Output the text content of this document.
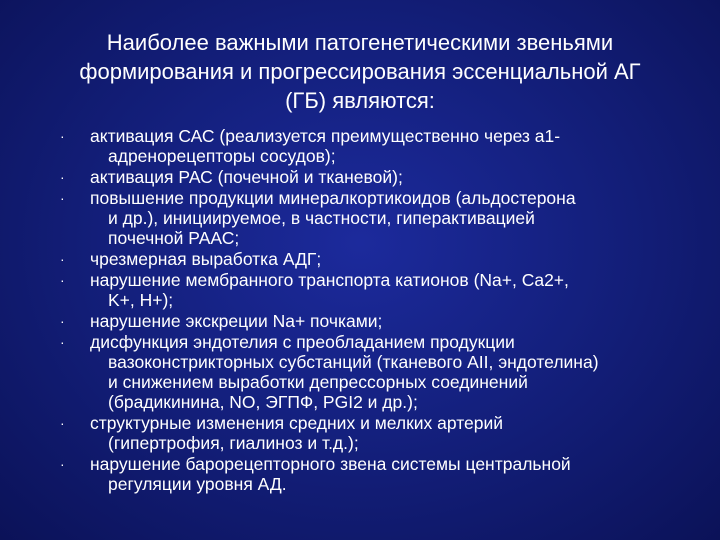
Наиболее важными патогенетическими звеньями
формирования и прогрессирования эссенциальной АГ
(ГБ) являются:
·	активация САС (реализуется преимущественно через а1-
адренорецепторы сосудов);
·	активация РАС (почечной и тканевой);
·	повышение продукции минералкортикоидов (альдостерона
и др.), инициируемое, в частности, гиперактивацией
почечной РААС;
·	чрезмерная выработка АДГ;
·	нарушение мембранного транспорта катионов (Na+, Ca2+,
K+, H+);
·	нарушение экскреции Na+ почками;
·	дисфункция эндотелия с преобладанием продукции
вазоконстрикторных субстанций (тканевого AII, эндотелина)
и снижением выработки депрессорных соединений
(брадикинина, NO, ЭГПФ, PGI2 и др.);
·	структурные изменения средних и мелких артерий
(гипертрофия, гиалиноз и т.д.);
·	нарушение барорецепторного звена системы центральной
регуляции уровня АД.
